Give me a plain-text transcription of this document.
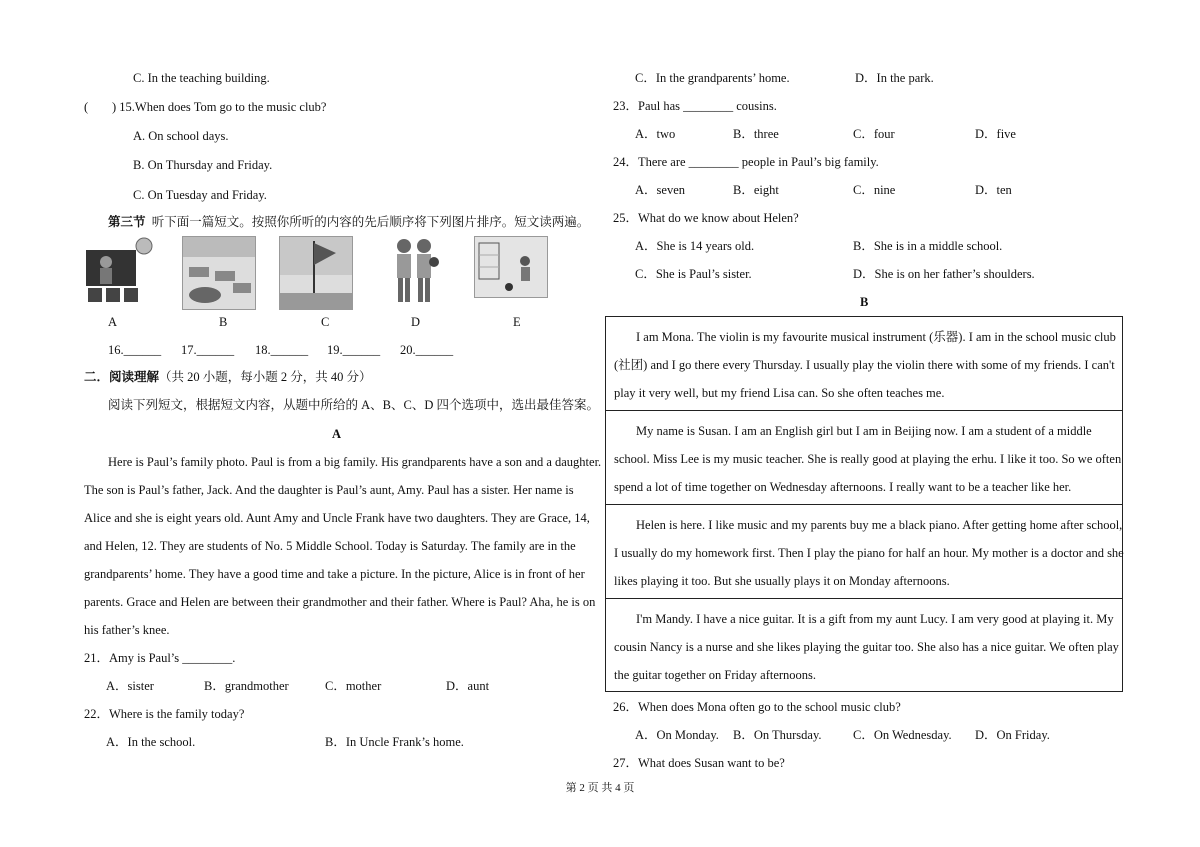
C. In the teaching building.
( ) 15.When does Tom go to the music club?
A. On school days.
B. On Thursday and Friday.
C. On Tuesday and Friday.
第三节 听下面一篇短文。按照你所听的内容的先后顺序将下列图片排序。短文读两遍。
A	B	C	D	E
16.______ 17.______ 18.______ 19.______ 20.______
二．阅读理解（共 20 小题，每小题 2 分，共 40 分）
阅读下列短文，根据短文内容，从题中所给的 A、B、C、D 四个选项中，选出最佳答案。
A
Here is Paul’s family photo. Paul is from a big family. His grandparents have a son and a daughter.
The son is Paul’s father, Jack. And the daughter is Paul’s aunt, Amy. Paul has a sister. Her name is
Alice and she is eight years old. Aunt Amy and Uncle Frank have two daughters. They are Grace, 14,
and Helen, 12. They are students of No. 5 Middle School. Today is Saturday. The family are in the
grandparents’ home. They have a good time and take a picture. In the picture, Alice is in front of her
parents. Grace and Helen are between their grandmother and their father. Where is Paul? Aha, he is on
his father’s knee.
21．Amy is Paul’s ________.
A．sister	B．grandmother	C．mother	D．aunt
22．Where is the family today?
A．In the school.	B．In Uncle Frank’s home.
C．In the grandparents’ home.	D．In the park.
23．Paul has ________ cousins.
A．two	B．three	C．four	D．five
24．There are ________ people in Paul’s big family.
A．seven	B．eight	C．nine	D．ten
25．What do we know about Helen?
A．She is 14 years old.	B．She is in a middle school.
C．She is Paul’s sister.	D．She is on her father’s shoulders.
B
I am Mona. The violin is my favourite musical instrument (乐器). I am in the school music club
(社团) and I go there every Thursday. I usually play the violin there with some of my friends. I can't
play it very well, but my friend Lisa can. So she often teaches me.
My name is Susan. I am an English girl but I am in Beijing now. I am a student of a middle
school. Miss Lee is my music teacher. She is really good at playing the erhu. I like it too. So we often
spend a lot of time together on Wednesday afternoons. I really want to be a teacher like her.
Helen is here. I like music and my parents buy me a black piano. After getting home after school,
I usually do my homework first. Then I play the piano for half an hour. My mother is a doctor and she
likes playing it too. But she usually plays it on Monday afternoons.
I'm Mandy. I have a nice guitar. It is a gift from my aunt Lucy. I am very good at playing it. My
cousin Nancy is a nurse and she likes playing the guitar too. She also has a nice guitar. We often play
the guitar together on Friday afternoons.
26．When does Mona often go to the school music club?
A．On Monday. B．On Thursday.	C．On Wednesday. D．On Friday.
27．What does Susan want to be?
第 2 页 共 4 页
